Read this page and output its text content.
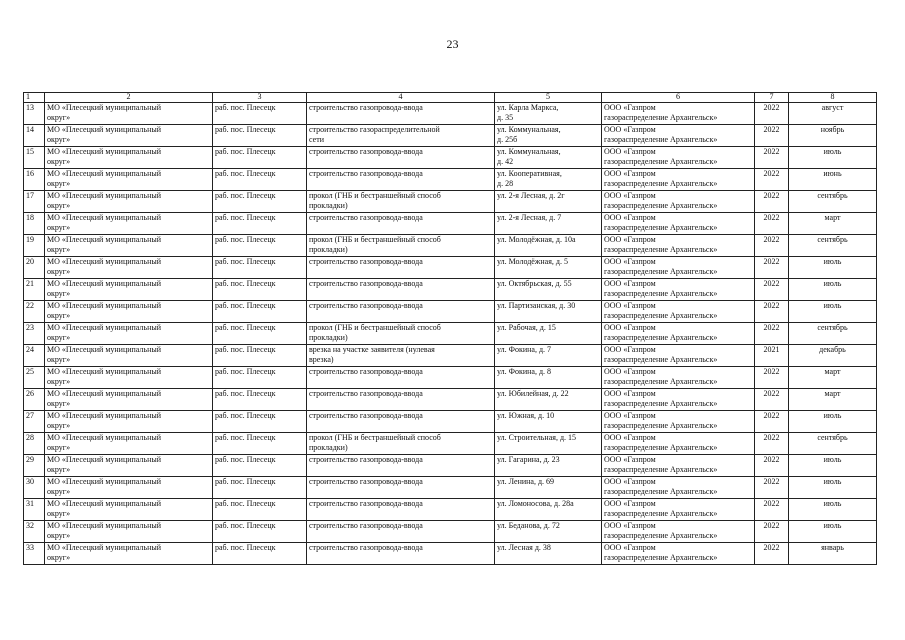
23
1	2	3	4	5	6	7	8
13	МО «Плесецкий муниципальный
округ»	раб. пос. Плесецк	строительство газопровода-ввода	ул. Карла Маркса,
д. 35	ООО «Газпром
газораспределение Архангельск»	2022	август
14	МО «Плесецкий муниципальный
округ»	раб. пос. Плесецк	строительство газораспределительной
сети	ул. Коммунальная,
д. 25б	ООО «Газпром
газораспределение Архангельск»	2022	ноябрь
15	МО «Плесецкий муниципальный
округ»	раб. пос. Плесецк	строительство газопровода-ввода	ул. Коммунальная,
д. 42	ООО «Газпром
газораспределение Архангельск»	2022	июль
16	МО «Плесецкий муниципальный
округ»	раб. пос. Плесецк	строительство газопровода-ввода	ул. Кооперативная,
д. 28	ООО «Газпром
газораспределение Архангельск»	2022	июнь
17	МО «Плесецкий муниципальный
округ»	раб. пос. Плесецк	прокол (ГНБ и бестраншейный способ
прокладки)	ул. 2-я Лесная, д. 2г	ООО «Газпром
газораспределение Архангельск»	2022	сентябрь
18	МО «Плесецкий муниципальный
округ»	раб. пос. Плесецк	строительство газопровода-ввода	ул. 2-я Лесная, д. 7	ООО «Газпром
газораспределение Архангельск»	2022	март
19	МО «Плесецкий муниципальный
округ»	раб. пос. Плесецк	прокол (ГНБ и бестраншейный способ
прокладки)	ул. Молодёжная, д. 10а	ООО «Газпром
газораспределение Архангельск»	2022	сентябрь
20	МО «Плесецкий муниципальный
округ»	раб. пос. Плесецк	строительство газопровода-ввода	ул. Молодёжная, д. 5	ООО «Газпром
газораспределение Архангельск»	2022	июль
21	МО «Плесецкий муниципальный
округ»	раб. пос. Плесецк	строительство газопровода-ввода	ул. Октябрьская, д. 55	ООО «Газпром
газораспределение Архангельск»	2022	июль
22	МО «Плесецкий муниципальный
округ»	раб. пос. Плесецк	строительство газопровода-ввода	ул. Партизанская, д. 30	ООО «Газпром
газораспределение Архангельск»	2022	июль
23	МО «Плесецкий муниципальный
округ»	раб. пос. Плесецк	прокол (ГНБ и бестраншейный способ
прокладки)	ул. Рабочая, д. 15	ООО «Газпром
газораспределение Архангельск»	2022	сентябрь
24	МО «Плесецкий муниципальный
округ»	раб. пос. Плесецк	врезка на участке заявителя (нулевая
врезка)	ул. Фокина, д. 7	ООО «Газпром
газораспределение Архангельск»	2021	декабрь
25	МО «Плесецкий муниципальный
округ»	раб. пос. Плесецк	строительство газопровода-ввода	ул. Фокина, д. 8	ООО «Газпром
газораспределение Архангельск»	2022	март
26	МО «Плесецкий муниципальный
округ»	раб. пос. Плесецк	строительство газопровода-ввода	ул. Юбилейная, д. 22	ООО «Газпром
газораспределение Архангельск»	2022	март
27	МО «Плесецкий муниципальный
округ»	раб. пос. Плесецк	строительство газопровода-ввода	ул. Южная, д. 10	ООО «Газпром
газораспределение Архангельск»	2022	июль
28	МО «Плесецкий муниципальный
округ»	раб. пос. Плесецк	прокол (ГНБ и бестраншейный способ
прокладки)	ул. Строительная, д. 15	ООО «Газпром
газораспределение Архангельск»	2022	сентябрь
29	МО «Плесецкий муниципальный
округ»	раб. пос. Плесецк	строительство газопровода-ввода	ул. Гагарина, д. 23	ООО «Газпром
газораспределение Архангельск»	2022	июль
30	МО «Плесецкий муниципальный
округ»	раб. пос. Плесецк	строительство газопровода-ввода	ул. Ленина, д. 69	ООО «Газпром
газораспределение Архангельск»	2022	июль
31	МО «Плесецкий муниципальный
округ»	раб. пос. Плесецк	строительство газопровода-ввода	ул. Ломоносова, д. 28а	ООО «Газпром
газораспределение Архангельск»	2022	июль
32	МО «Плесецкий муниципальный
округ»	раб. пос. Плесецк	строительство газопровода-ввода	ул. Беданова, д. 72	ООО «Газпром
газораспределение Архангельск»	2022	июль
33	МО «Плесецкий муниципальный
округ»	раб. пос. Плесецк	строительство газопровода-ввода	ул. Лесная д. 38	ООО «Газпром
газораспределение Архангельск»	2022	январь
